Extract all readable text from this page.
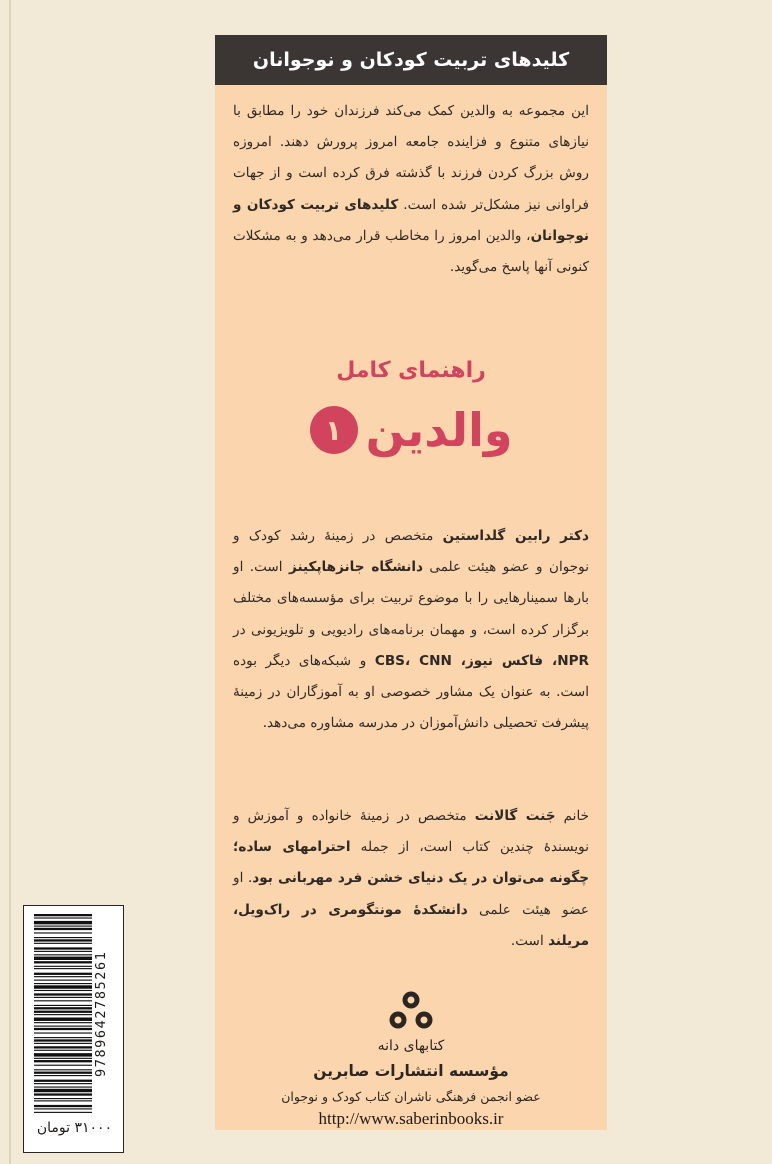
کلیدهای تربیت کودکان و نوجوانان
این مجموعه به والدین کمک می‌کند فرزندان خود را مطابق با نیازهای متنوع و فزاینده جامعه امروز پرورش دهند. امروزه روش بزرگ کردن فرزند با گذشته فرق کرده است و از جهات فراوانی نیز مشکل‌تر شده است. کلیدهای تربیت کودکان و نوجوانان، والدین امروز را مخاطب قرار می‌دهد و به مشکلات کنونی آنها پاسخ می‌گوید.
راهنمای کامل
والدین
۱
دکتر رابین گلداستین متخصص در زمینهٔ رشد کودک و نوجوان و عضو هیئت علمی دانشگاه جانزهاپکینز است. او بارها سمینارهایی را با موضوع تربیت برای مؤسسه‌های مختلف برگزار کرده است، و مهمان برنامه‌های رادیویی و تلویزیونی در NPR، فاکس نیوز، CBS، CNN و شبکه‌های دیگر بوده است. به عنوان یک مشاور خصوصی او به آموزگاران در زمینهٔ پیشرفت تحصیلی دانش‌آموزان در مدرسه مشاوره می‌دهد.
خانم جَنت گالانت متخصص در زمینهٔ خانواده و آموزش و نویسندهٔ چندین کتاب است، از جمله احترامهای ساده؛ چگونه می‌توان در یک دنیای خشن فرد مهربانی بود. او عضو هیئت علمی دانشکدهٔ مونتگومری در راک‌ویل، مریلند است.
کتابهای دانه
مؤسسه انتشارات صابرین
عضو انجمن فرهنگی ناشران کتاب کودک و نوجوان
http://www.saberinbooks.ir
9789642785261
۳۱۰۰۰ تومان
